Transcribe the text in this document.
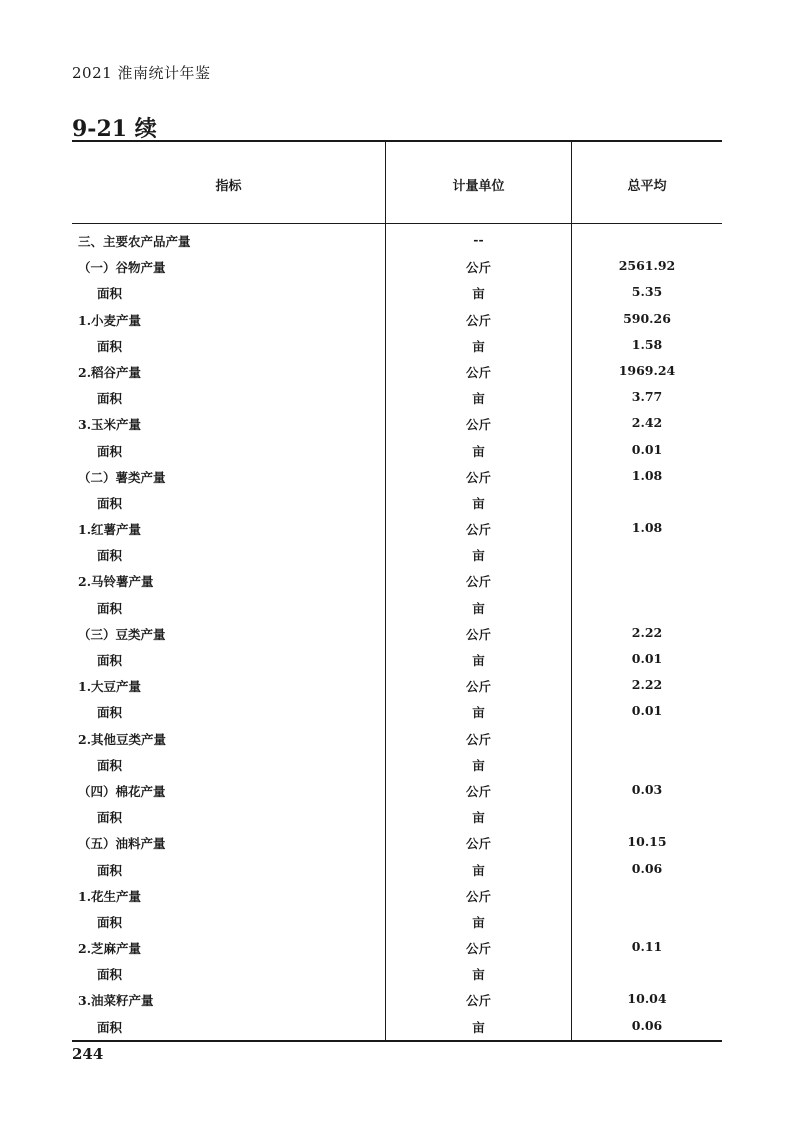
2021 淮南统计年鉴
9-21 续
指标	计量单位	总平均
三、主要农产品产量	--
（一）谷物产量	公斤	2561.92
面积	亩	5.35
1.小麦产量	公斤	590.26
面积	亩	1.58
2.稻谷产量	公斤	1969.24
面积	亩	3.77
3.玉米产量	公斤	2.42
面积	亩	0.01
（二）薯类产量	公斤	1.08
面积	亩
1.红薯产量	公斤	1.08
面积	亩
2.马铃薯产量	公斤
面积	亩
（三）豆类产量	公斤	2.22
面积	亩	0.01
1.大豆产量	公斤	2.22
面积	亩	0.01
2.其他豆类产量	公斤
面积	亩
（四）棉花产量	公斤	0.03
面积	亩
（五）油料产量	公斤	10.15
面积	亩	0.06
1.花生产量	公斤
面积	亩
2.芝麻产量	公斤	0.11
面积	亩
3.油菜籽产量	公斤	10.04
面积	亩	0.06
244
